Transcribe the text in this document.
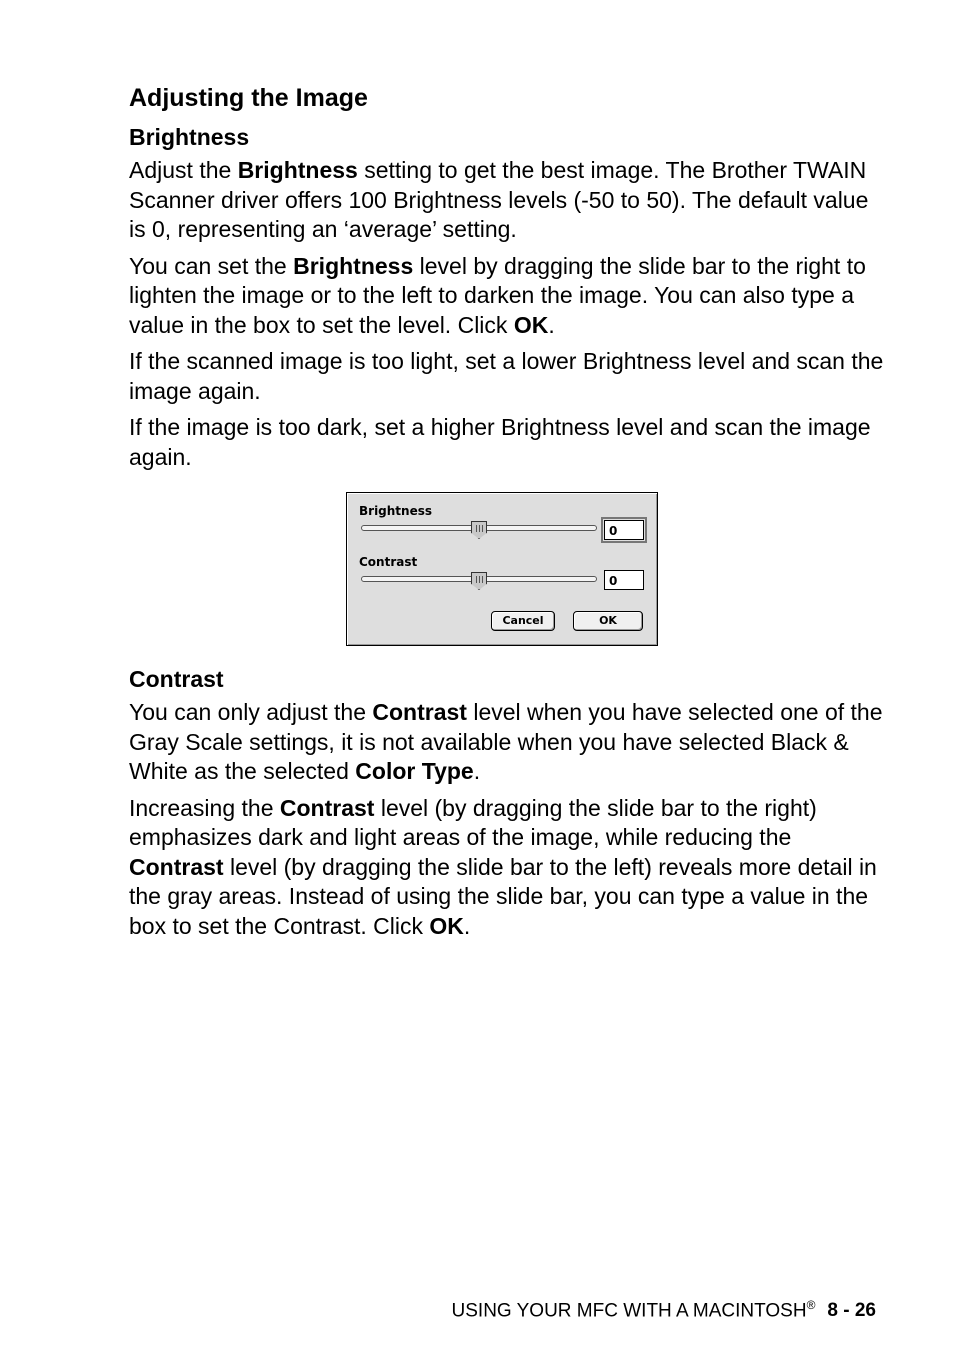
Adjusting the Image
Brightness

Adjust the Brightness setting to get the best image. The Brother TWAIN Scanner driver offers 100 Brightness levels (-50 to 50). The default value is 0, representing an ‘average’ setting.

You can set the Brightness level by dragging the slide bar to the right to lighten the image or to the left to darken the image. You can also type a value in the box to set the level. Click OK.

If the scanned image is too light, set a lower Brightness level and scan the image again.

If the image is too dark, set a higher Brightness level and scan the image again.

Brightness
0
Contrast
0
Cancel	OK
Contrast

You can only adjust the Contrast level when you have selected one of the Gray Scale settings, it is not available when you have selected Black & White as the selected Color Type.

Increasing the Contrast level (by dragging the slide bar to the right) emphasizes dark and light areas of the image, while reducing the Contrast level (by dragging the slide bar to the left) reveals more detail in the gray areas. Instead of using the slide bar, you can type a value in the box to set the Contrast. Click OK.

USING YOUR MFC WITH A MACINTOSH® 8 - 26
